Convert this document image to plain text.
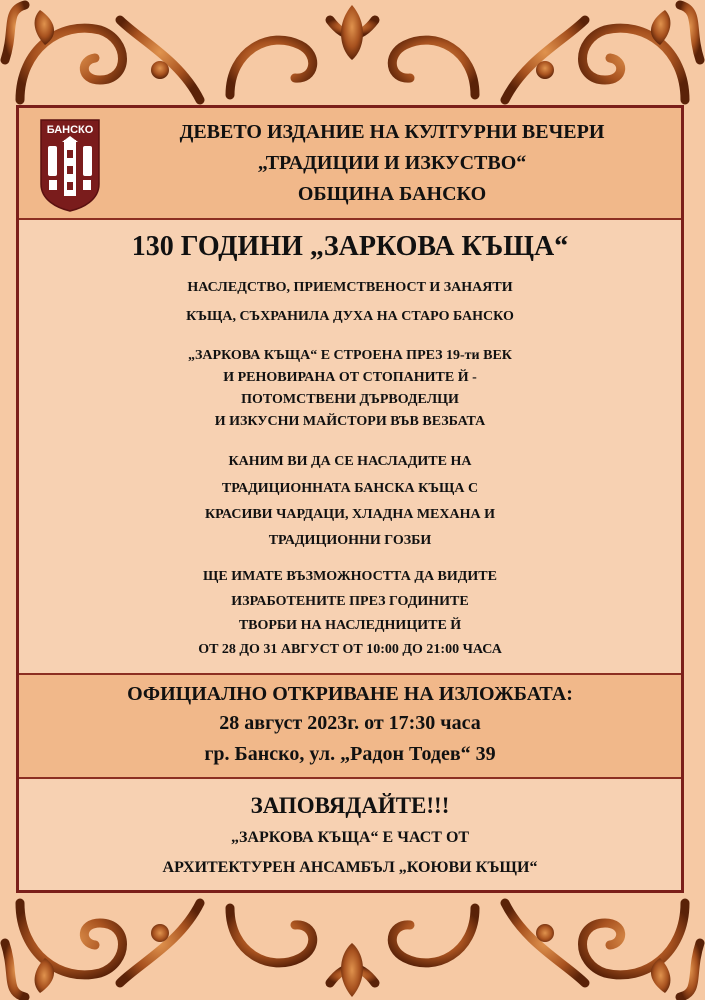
БАНСКО	ДЕВЕТО ИЗДАНИЕ НА КУЛТУРНИ ВЕЧЕРИ
„ТРАДИЦИИ И ИЗКУСТВО“
ОБЩИНА БАНСКО
130 ГОДИНИ „ЗАРКОВА КЪЩА“
НАСЛЕДСТВО, ПРИЕМСТВЕНОСТ И ЗАНАЯТИ
КЪЩА, СЪХРАНИЛА ДУХА НА СТАРО БАНСКО
„ЗАРКОВА КЪЩА“ Е СТРОЕНА ПРЕЗ 19-ти ВЕК
И РЕНОВИРАНА ОТ СТОПАНИТЕ Й -
ПОТОМСТВЕНИ ДЪРВОДЕЛЦИ
И ИЗКУСНИ МАЙСТОРИ ВЪВ ВЕЗБАТА
КАНИМ ВИ ДА СЕ НАСЛАДИТЕ НА
ТРАДИЦИОННАТА БАНСКА КЪЩА С
КРАСИВИ ЧАРДАЦИ, ХЛАДНА МЕХАНА И
ТРАДИЦИОННИ ГОЗБИ
ЩЕ ИМАТЕ ВЪЗМОЖНОСТТА ДА ВИДИТЕ
ИЗРАБОТЕНИТЕ ПРЕЗ ГОДИНИТЕ
ТВОРБИ НА НАСЛЕДНИЦИТЕ Й
ОТ 28 ДО 31 АВГУСТ ОТ 10:00 ДО 21:00 ЧАСА
ОФИЦИАЛНО ОТКРИВАНЕ НА ИЗЛОЖБАТА:
28 август 2023г. от 17:30 часа
гр. Банско, ул. „Радон Тодев“ 39
ЗАПОВЯДАЙТЕ!!!
„ЗАРКОВА КЪЩА“ Е ЧАСТ ОТ
АРХИТЕКТУРЕН АНСАМБЪЛ „КОЮВИ КЪЩИ“
